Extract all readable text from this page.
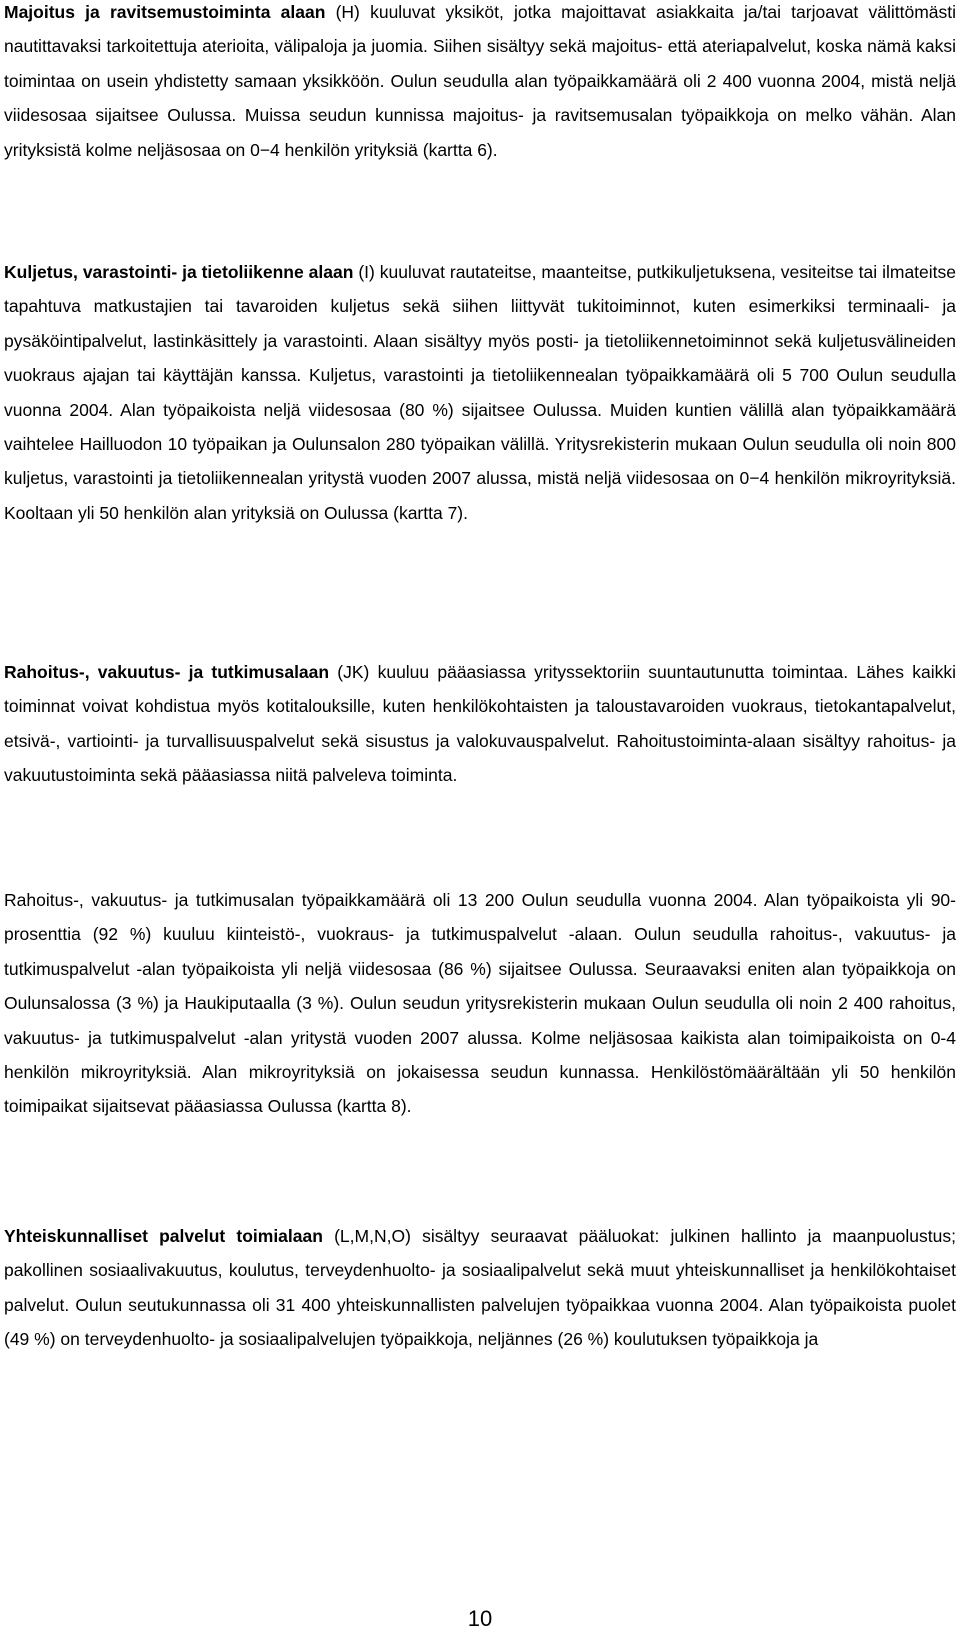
Majoitus ja ravitsemustoiminta alaan (H) kuuluvat yksiköt, jotka majoittavat asiakkaita ja/tai tarjoavat välittömästi nautittavaksi tarkoitettuja aterioita, välipaloja ja juomia. Siihen sisältyy sekä majoitus- että ateriapalvelut, koska nämä kaksi toimintaa on usein yhdistetty samaan yksikköön. Oulun seudulla alan työpaikkamäärä oli 2 400 vuonna 2004, mistä neljä viidesosaa sijaitsee Oulussa. Muissa seudun kunnissa majoitus- ja ravitsemusalan työpaikkoja on melko vähän. Alan yrityksistä kolme neljäsosaa on 0−4 henkilön yrityksiä (kartta 6).

Kuljetus, varastointi- ja tietoliikenne alaan (I) kuuluvat rautateitse, maanteitse, putkikuljetuksena, vesiteitse tai ilmateitse tapahtuva matkustajien tai tavaroiden kuljetus sekä siihen liittyvät tukitoiminnot, kuten esimerkiksi terminaali- ja pysäköintipalvelut, lastinkäsittely ja varastointi. Alaan sisältyy myös posti- ja tietoliikennetoiminnot sekä kuljetusvälineiden vuokraus ajajan tai käyttäjän kanssa. Kuljetus, varastointi ja tietoliikennealan työpaikkamäärä oli 5 700 Oulun seudulla vuonna 2004. Alan työpaikoista neljä viidesosaa (80 %) sijaitsee Oulussa. Muiden kuntien välillä alan työpaikkamäärä vaihtelee Hailluodon 10 työpaikan ja Oulunsalon 280 työpaikan välillä. Yritysrekisterin mukaan Oulun seudulla oli noin 800 kuljetus, varastointi ja tietoliikennealan yritystä vuoden 2007 alussa, mistä neljä viidesosaa on 0−4 henkilön mikroyrityksiä. Kooltaan yli 50 henkilön alan yrityksiä on Oulussa (kartta 7).

Rahoitus-, vakuutus- ja tutkimusalaan (JK) kuuluu pääasiassa yrityssektoriin suuntautunutta toimintaa. Lähes kaikki toiminnat voivat kohdistua myös kotitalouksille, kuten henkilökohtaisten ja taloustavaroiden vuokraus, tietokantapalvelut, etsivä-, vartiointi- ja turvallisuuspalvelut sekä sisustus ja valokuvauspalvelut. Rahoitustoiminta-alaan sisältyy rahoitus- ja vakuutustoiminta sekä pääasiassa niitä palveleva toiminta.

Rahoitus-, vakuutus- ja tutkimusalan työpaikkamäärä oli 13 200 Oulun seudulla vuonna 2004. Alan työpaikoista yli 90-prosenttia (92 %) kuuluu kiinteistö-, vuokraus- ja tutkimuspalvelut -alaan. Oulun seudulla rahoitus-, vakuutus- ja tutkimuspalvelut -alan työpaikoista yli neljä viidesosaa (86 %) sijaitsee Oulussa. Seuraavaksi eniten alan työpaikkoja on Oulunsalossa (3 %) ja Haukiputaalla (3 %). Oulun seudun yritysrekisterin mukaan Oulun seudulla oli noin 2 400 rahoitus, vakuutus- ja tutkimuspalvelut -alan yritystä vuoden 2007 alussa. Kolme neljäsosaa kaikista alan toimipaikoista on 0-4 henkilön mikroyrityksiä. Alan mikroyrityksiä on jokaisessa seudun kunnassa. Henkilöstömäärältään yli 50 henkilön toimipaikat sijaitsevat pääasiassa Oulussa (kartta 8).

Yhteiskunnalliset palvelut toimialaan (L,M,N,O) sisältyy seuraavat pääluokat: julkinen hallinto ja maanpuolustus; pakollinen sosiaalivakuutus, koulutus, terveydenhuolto- ja sosiaalipalvelut sekä muut yhteiskunnalliset ja henkilökohtaiset palvelut. Oulun seutukunnassa oli 31 400 yhteiskunnallisten palvelujen työpaikkaa vuonna 2004. Alan työpaikoista puolet (49 %) on terveydenhuolto- ja sosiaalipalvelujen työpaikkoja, neljännes (26 %) koulutuksen työpaikkoja ja

10
